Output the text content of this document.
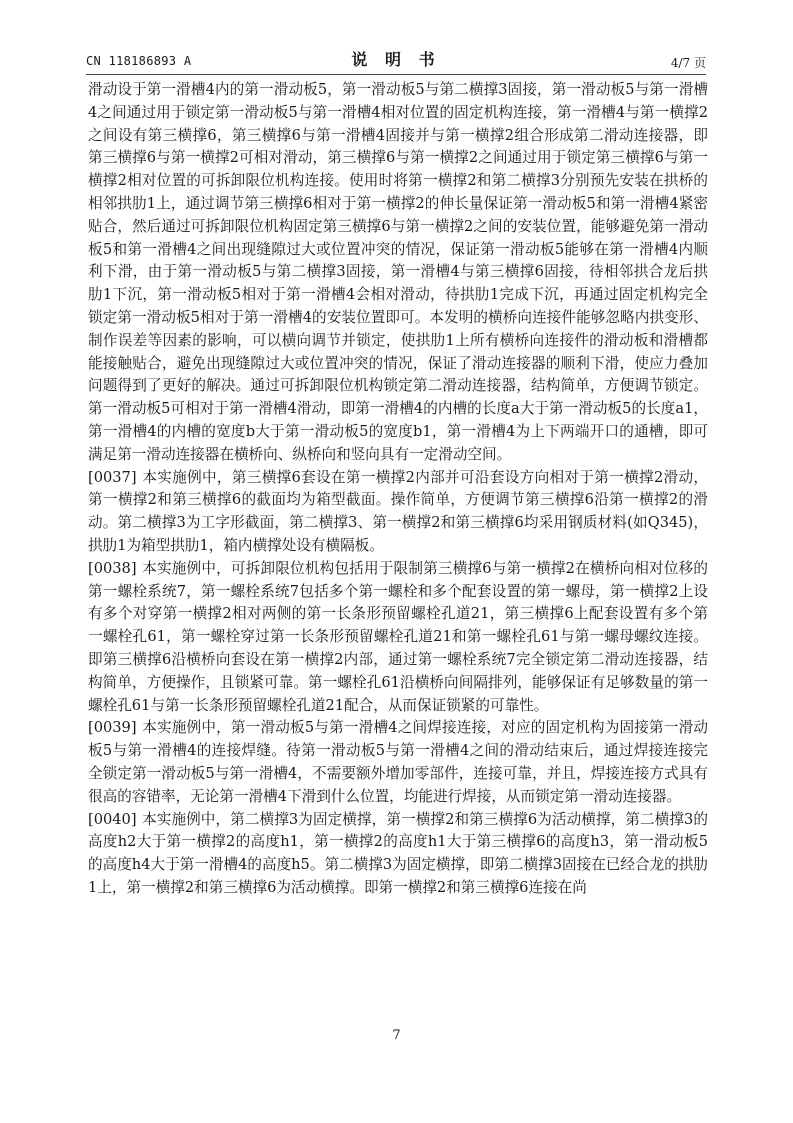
CN 118186893 A	说 明 书	4/7 页

滑动设于第一滑槽4内的第一滑动板5，第一滑动板5与第二横撑3固接，第一滑动板5与第一滑槽4之间通过用于锁定第一滑动板5与第一滑槽4相对位置的固定机构连接，第一滑槽4与第一横撑2之间设有第三横撑6，第三横撑6与第一滑槽4固接并与第一横撑2组合形成第二滑动连接器，即第三横撑6与第一横撑2可相对滑动，第三横撑6与第一横撑2之间通过用于锁定第三横撑6与第一横撑2相对位置的可拆卸限位机构连接。使用时将第一横撑2和第二横撑3分别预先安装在拱桥的相邻拱肋1上，通过调节第三横撑6相对于第一横撑2的伸长量保证第一滑动板5和第一滑槽4紧密贴合，然后通过可拆卸限位机构固定第三横撑6与第一横撑2之间的安装位置，能够避免第一滑动板5和第一滑槽4之间出现缝隙过大或位置冲突的情况，保证第一滑动板5能够在第一滑槽4内顺利下滑，由于第一滑动板5与第二横撑3固接，第一滑槽4与第三横撑6固接，待相邻拱合龙后拱肋1下沉，第一滑动板5相对于第一滑槽4会相对滑动，待拱肋1完成下沉，再通过固定机构完全锁定第一滑动板5相对于第一滑槽4的安装位置即可。本发明的横桥向连接件能够忽略内拱变形、制作误差等因素的影响，可以横向调节并锁定，使拱肋1上所有横桥向连接件的滑动板和滑槽都能接触贴合，避免出现缝隙过大或位置冲突的情况，保证了滑动连接器的顺利下滑，使应力叠加问题得到了更好的解决。通过可拆卸限位机构锁定第二滑动连接器，结构简单，方便调节锁定。第一滑动板5可相对于第一滑槽4滑动，即第一滑槽4的内槽的长度a大于第一滑动板5的长度a1，第一滑槽4的内槽的宽度b大于第一滑动板5的宽度b1，第一滑槽4为上下两端开口的通槽，即可满足第一滑动连接器在横桥向、纵桥向和竖向具有一定滑动空间。

[0037] 本实施例中，第三横撑6套设在第一横撑2内部并可沿套设方向相对于第一横撑2滑动，第一横撑2和第三横撑6的截面均为箱型截面。操作简单，方便调节第三横撑6沿第一横撑2的滑动。第二横撑3为工字形截面，第二横撑3、第一横撑2和第三横撑6均采用钢质材料(如Q345)，拱肋1为箱型拱肋1，箱内横撑处设有横隔板。

[0038] 本实施例中，可拆卸限位机构包括用于限制第三横撑6与第一横撑2在横桥向相对位移的第一螺栓系统7，第一螺栓系统7包括多个第一螺栓和多个配套设置的第一螺母，第一横撑2上设有多个对穿第一横撑2相对两侧的第一长条形预留螺栓孔道21，第三横撑6上配套设置有多个第一螺栓孔61，第一螺栓穿过第一长条形预留螺栓孔道21和第一螺栓孔61与第一螺母螺纹连接。即第三横撑6沿横桥向套设在第一横撑2内部，通过第一螺栓系统7完全锁定第二滑动连接器，结构简单，方便操作，且锁紧可靠。第一螺栓孔61沿横桥向间隔排列，能够保证有足够数量的第一螺栓孔61与第一长条形预留螺栓孔道21配合，从而保证锁紧的可靠性。

[0039] 本实施例中，第一滑动板5与第一滑槽4之间焊接连接，对应的固定机构为固接第一滑动板5与第一滑槽4的连接焊缝。待第一滑动板5与第一滑槽4之间的滑动结束后，通过焊接连接完全锁定第一滑动板5与第一滑槽4，不需要额外增加零部件，连接可靠，并且，焊接连接方式具有很高的容错率，无论第一滑槽4下滑到什么位置，均能进行焊接，从而锁定第一滑动连接器。

[0040] 本实施例中，第二横撑3为固定横撑，第一横撑2和第三横撑6为活动横撑，第二横撑3的高度h2大于第一横撑2的高度h1，第一横撑2的高度h1大于第三横撑6的高度h3，第一滑动板5的高度h4大于第一滑槽4的高度h5。第二横撑3为固定横撑，即第二横撑3固接在已经合龙的拱肋1上，第一横撑2和第三横撑6为活动横撑。即第一横撑2和第三横撑6连接在尚

7
